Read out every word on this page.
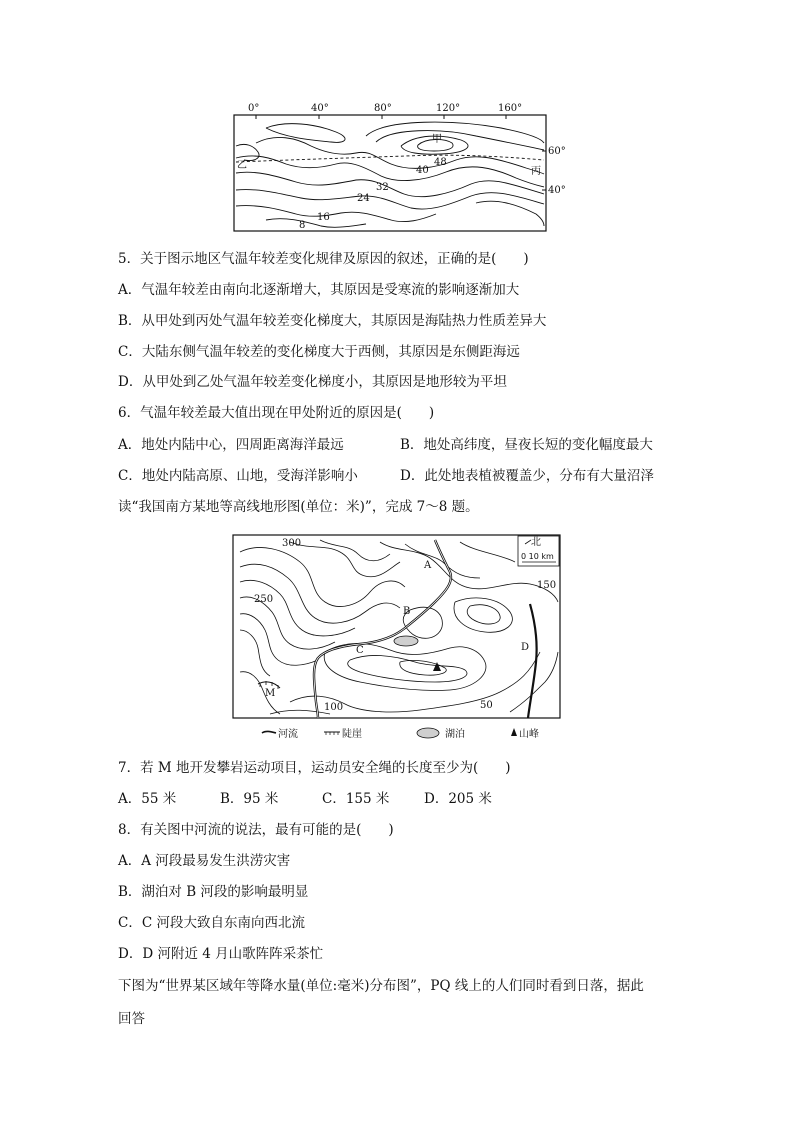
0°	40°	80°	120°	160°
甲
乙
丙
48
40
32
24
16
8
60°
40°
5．关于图示地区气温年较差变化规律及原因的叙述，正确的是(　　)
A．气温年较差由南向北逐渐增大，其原因是受寒流的影响逐渐加大
B．从甲处到丙处气温年较差变化梯度大，其原因是海陆热力性质差异大
C．大陆东侧气温年较差的变化梯度大于西侧，其原因是东侧距海远
D．从甲处到乙处气温年较差变化梯度小，其原因是地形较为平坦
6．气温年较差最大值出现在甲处附近的原因是(　　)
A．地处内陆中心，四周距离海洋最远	B．地处高纬度，昼夜长短的变化幅度最大
C．地处内陆高原、山地，受海洋影响小	D．此处地表植被覆盖少，分布有大量沼泽
读“我国南方某地等高线地形图(单位：米)”，完成 7～8 题。
北
0 10 km
300
250
150
100	50
A
B
C	D
M
河流	陡崖	湖泊	山峰
7．若 M 地开发攀岩运动项目，运动员安全绳的长度至少为(　　)
A．55 米	B．95 米	C．155 米	D．205 米
8．有关图中河流的说法，最有可能的是(　　)
A．A 河段最易发生洪涝灾害
B．湖泊对 B 河段的影响最明显
C．C 河段大致自东南向西北流
D．D 河附近 4 月山歌阵阵采茶忙
下图为“世界某区域年等降水量(单位:毫米)分布图”，PQ 线上的人们同时看到日落，据此
回答
